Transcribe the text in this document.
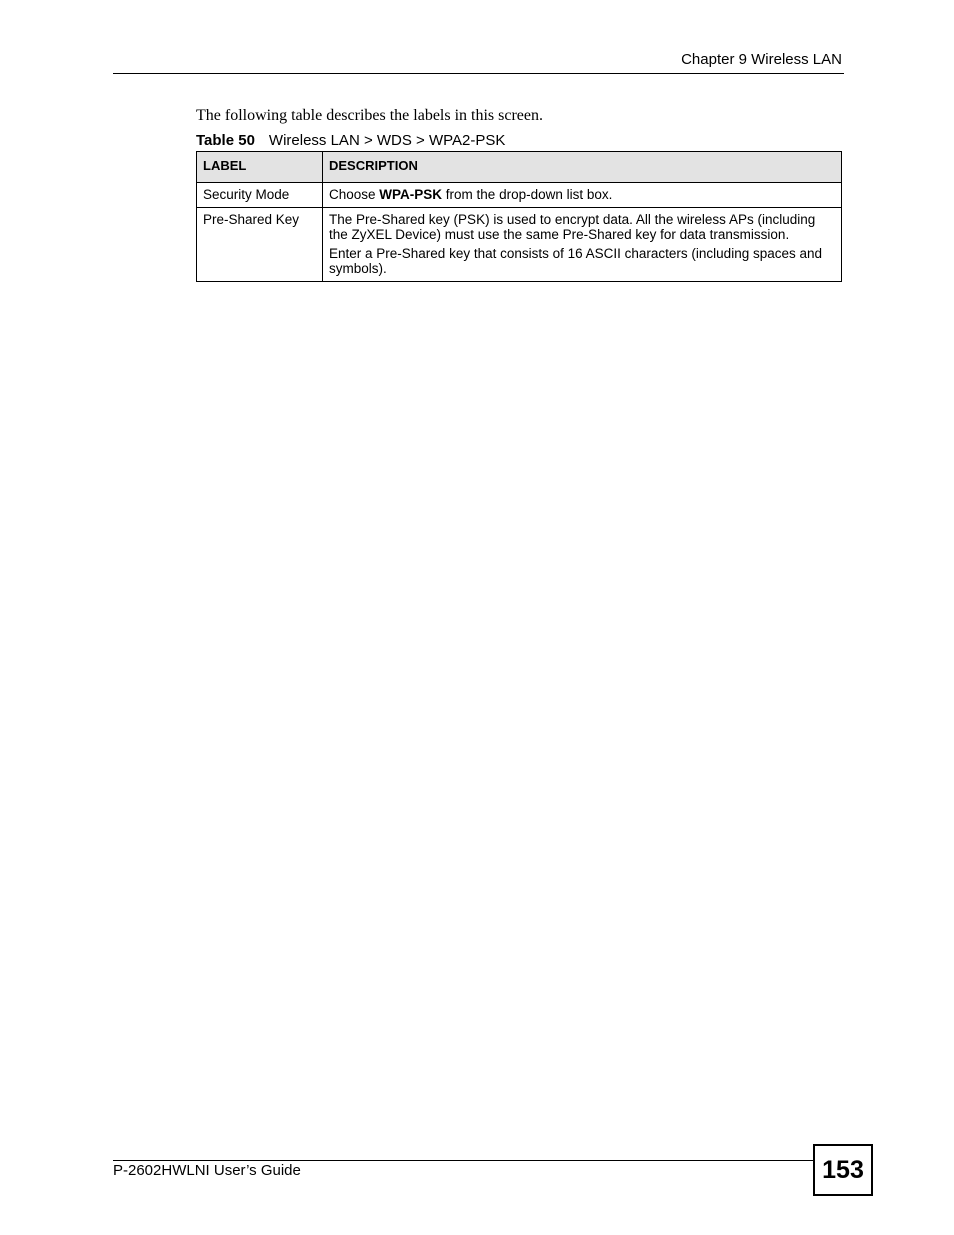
Chapter 9 Wireless LAN
The following table describes the labels in this screen.
Table 50 Wireless LAN > WDS > WPA2-PSK
LABEL	DESCRIPTION
Security Mode	Choose WPA-PSK from the drop-down list box.
Pre-Shared Key	The Pre-Shared key (PSK) is used to encrypt data. All the wireless APs (including the ZyXEL Device) must use the same Pre-Shared key for data transmission.

Enter a Pre-Shared key that consists of 16 ASCII characters (including spaces and symbols).

P-2602HWLNI User’s Guide	153
